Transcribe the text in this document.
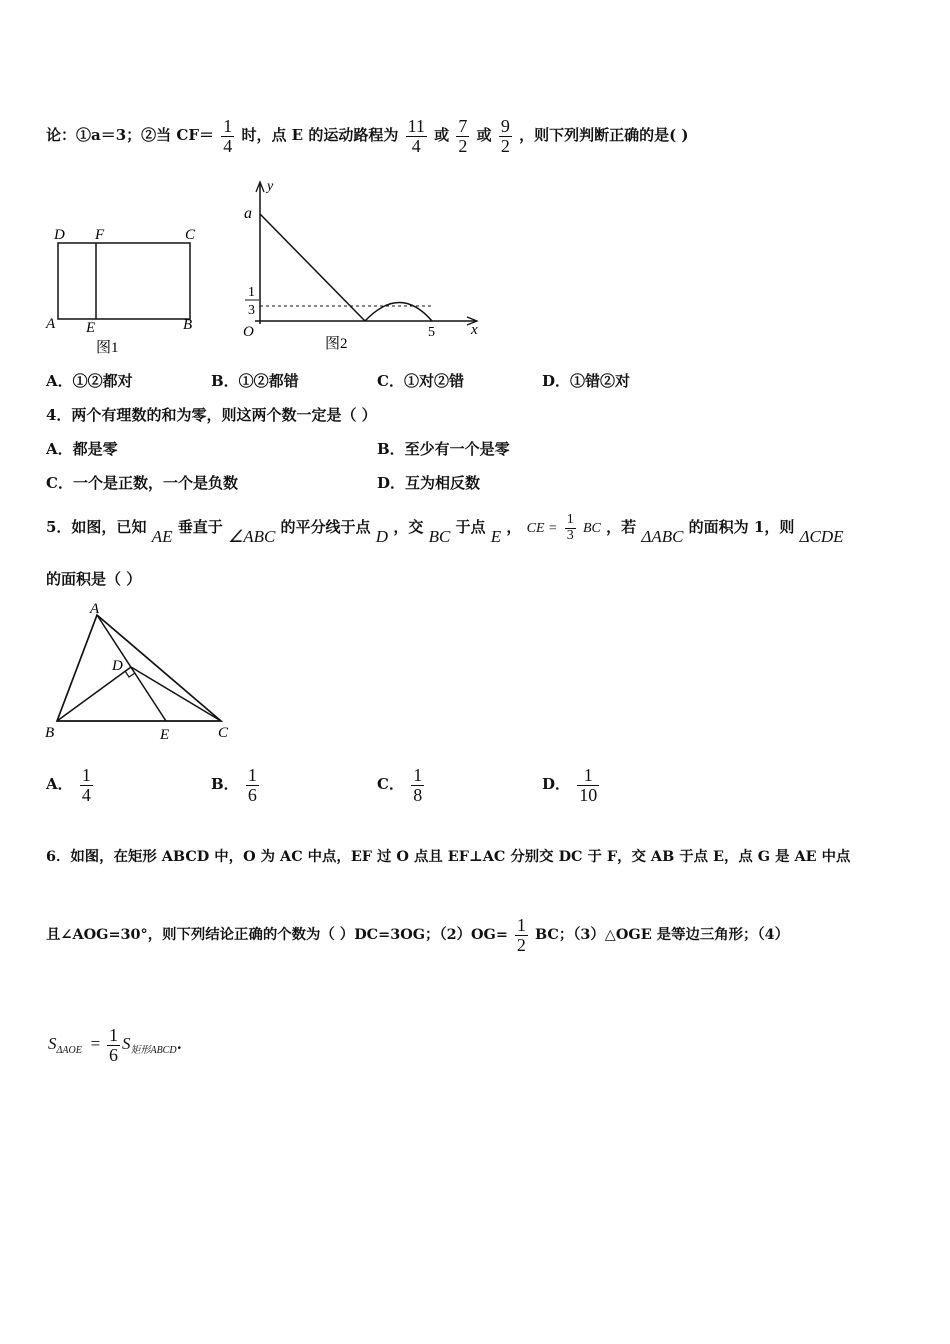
论：①a＝3；②当 $CF= \frac{1}{4}$ 时，点 E 的运动路程为 $\frac{11}{4}$ 或 $\frac{7}{2}$ 或 $\frac{9}{2}$ ，则下列判断正确的是( )
D F	C
A E	B
图1
y
x
a
1
3
O	5
图2
A．①②都对	B．①②都错	C．①对②错	D．①错②对
4．两个有理数的和为零，则这两个数一定是（ ）
A．都是零	B．至少有一个是零
C．一个是正数，一个是负数	D．互为相反数
5．如图，已知 AE 垂直于 ∠ABC 的平分线于点 D ，交 BC 于点 E ， CE = $\frac{1}{3}$ BC ，若 ΔABC 的面积为 1，则 ΔCDE
的面积是（ ）
A
D
B	E	C
A． $\frac{1}{4}$	B． $\frac{1}{6}$	C． $\frac{1}{8}$	D． $\frac{1}{10}$
6．如图，在矩形 ABCD 中，O 为 AC 中点，EF 过 O 点且 EF⊥AC 分别交 DC 于 F，交 AB 于点 E，点 G 是 AE 中点
且∠AOG=30°，则下列结论正确的个数为（ ）DC=3OG；$(2)OG= \frac{1}{2}$ BC；（3）△OGE 是等边三角形；（4）
$S_{\Delta AOE} = \frac{1}{6} S_{矩形ABCD}$.
